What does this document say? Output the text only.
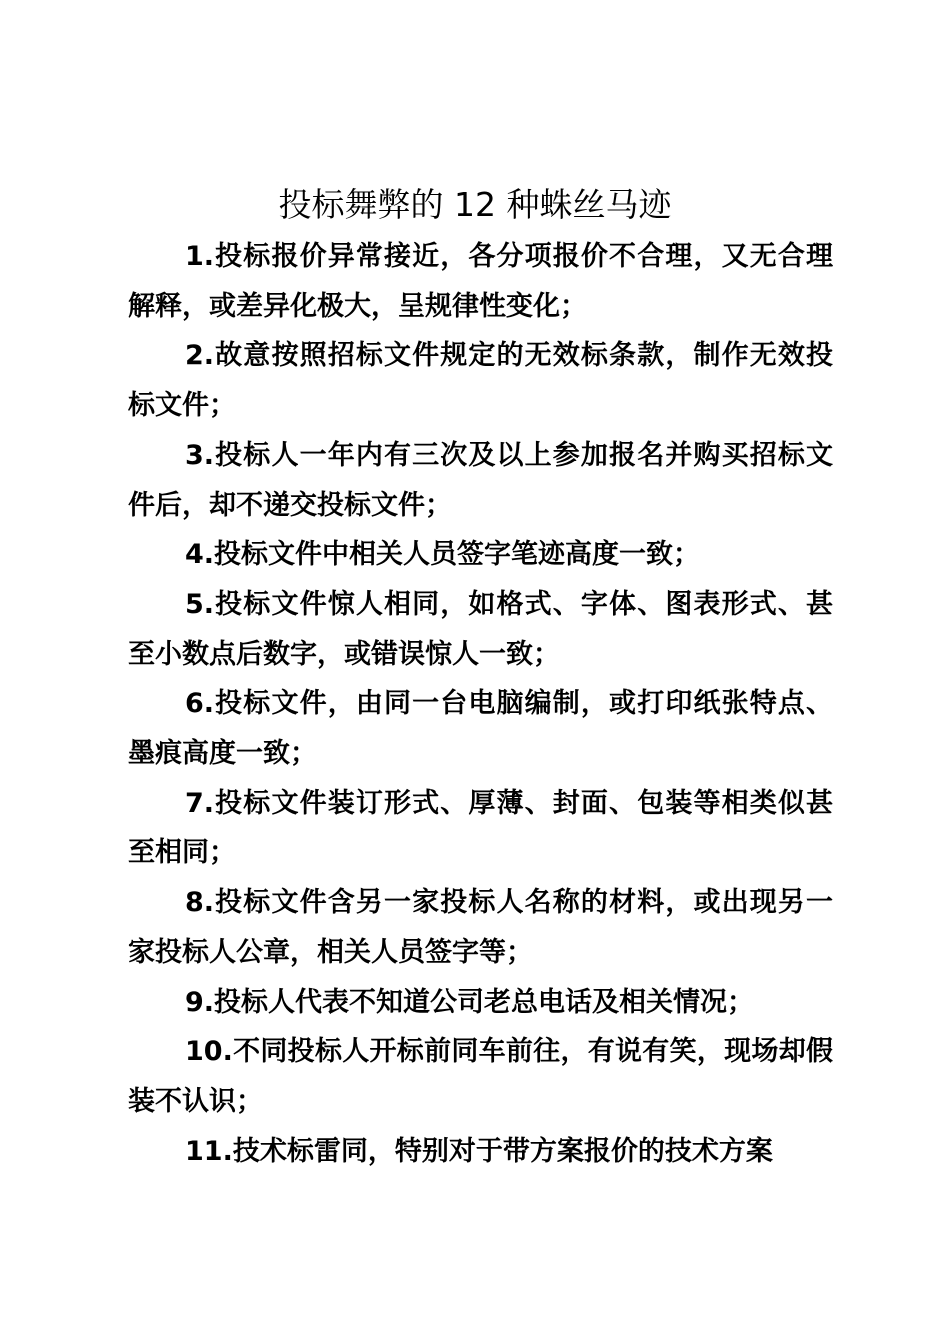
投标舞弊的 12 种蛛丝马迹

1.投标报价异常接近，各分项报价不合理，又无合理解释，或差异化极大，呈规律性变化；

2.故意按照招标文件规定的无效标条款，制作无效投标文件；

3.投标人一年内有三次及以上参加报名并购买招标文件后，却不递交投标文件；

4.投标文件中相关人员签字笔迹高度一致；

5.投标文件惊人相同，如格式、字体、图表形式、甚至小数点后数字，或错误惊人一致；

6.投标文件，由同一台电脑编制，或打印纸张特点、墨痕高度一致；

7.投标文件装订形式、厚薄、封面、包装等相类似甚至相同；

8.投标文件含另一家投标人名称的材料，或出现另一家投标人公章，相关人员签字等；

9.投标人代表不知道公司老总电话及相关情况；

10.不同投标人开标前同车前往，有说有笑，现场却假装不认识；

11.技术标雷同，特别对于带方案报价的技术方案
